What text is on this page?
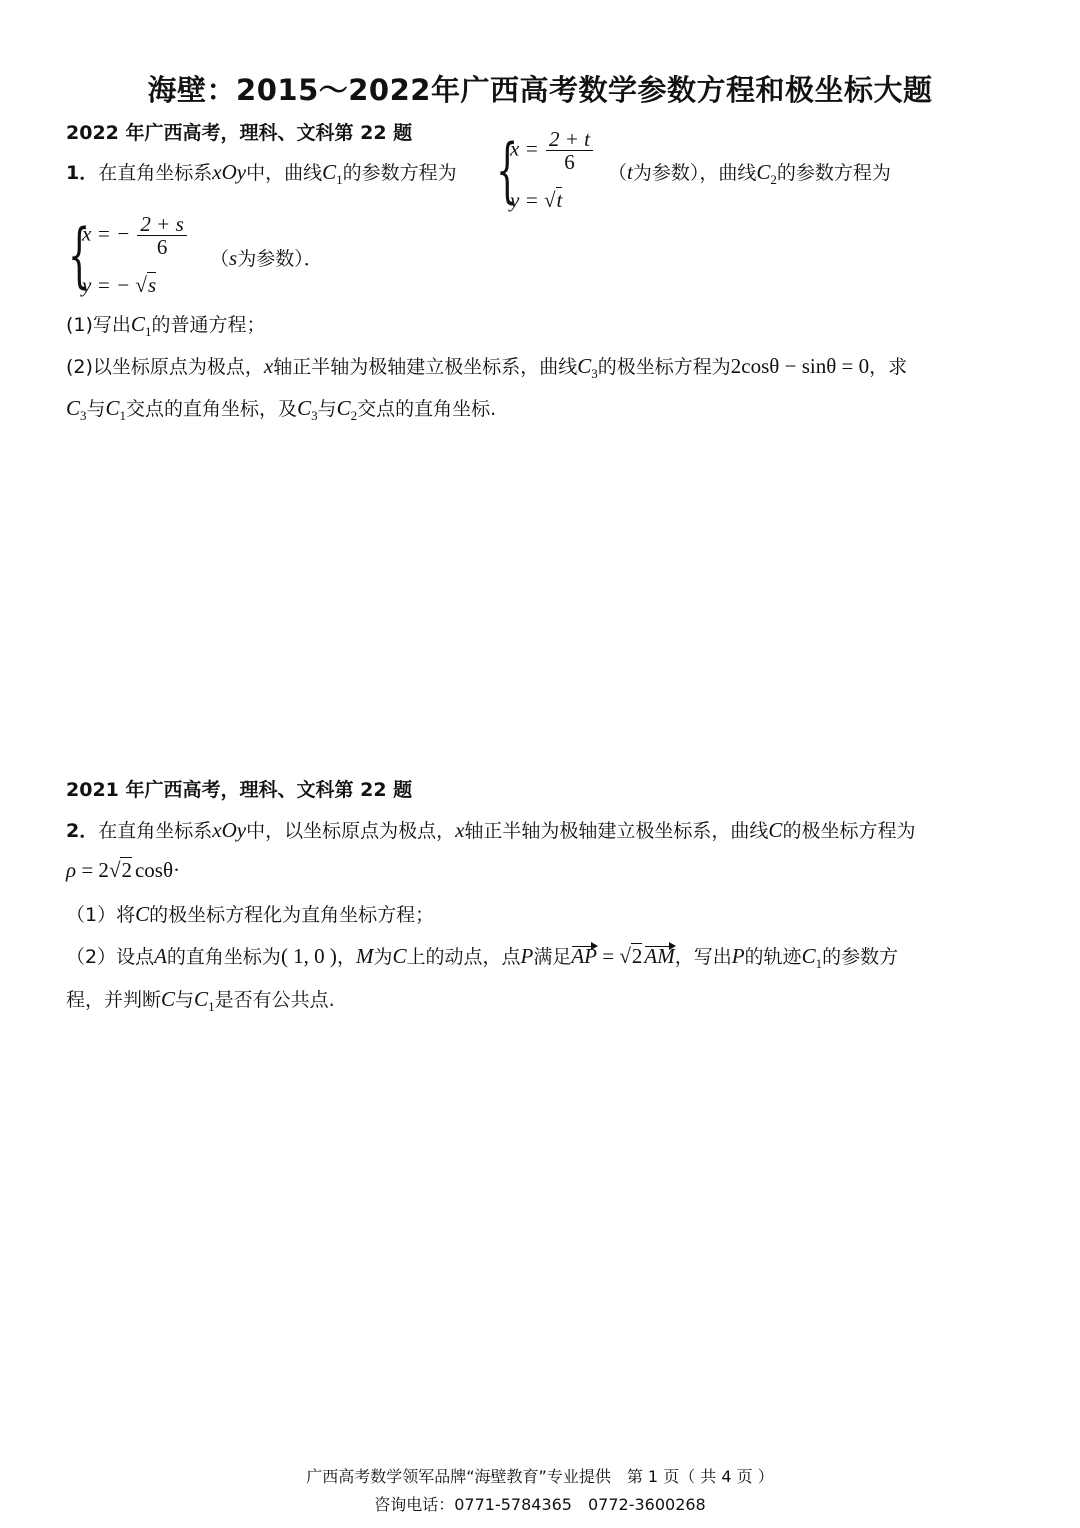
海壁：2015～2022年广西高考数学参数方程和极坐标大题
2022 年广西高考，理科、文科第 22 题
1．在直角坐标系xOy中，曲线$C_1$的参数方程为 {
$x = \frac{2 + t}{6}$
y = √t
（t为参数），曲线$C_2$的参数方程为
{
x = − $\frac{2 + s}{6}$
y = − √s
（s为参数）．
(1)写出$C_1$的普通方程；
(2)以坐标原点为极点，x轴正半轴为极轴建立极坐标系，曲线$C_3$的极坐标方程为2cosθ − sinθ = 0，求
$C_3$与$C_1$交点的直角坐标，及$C_3$与$C_2$交点的直角坐标.
2021 年广西高考，理科、文科第 22 题
2．在直角坐标系xOy中，以坐标原点为极点，x轴正半轴为极轴建立极坐标系，曲线C的极坐标方程为
ρ = 2√2 cosθ·
（1）将C的极坐标方程化为直角坐标方程；
（2）设点A的直角坐标为( 1, 0 )，M为C上的动点，点P满足AP = √2AM，写出P的轨迹$C_1$的参数方
程，并判断C与$C_1$是否有公共点.
广西高考数学领军品牌“海壁教育”专业提供　第 1 页（ 共 4 页 ）
咨询电话：0771-5784365　0772-3600268
